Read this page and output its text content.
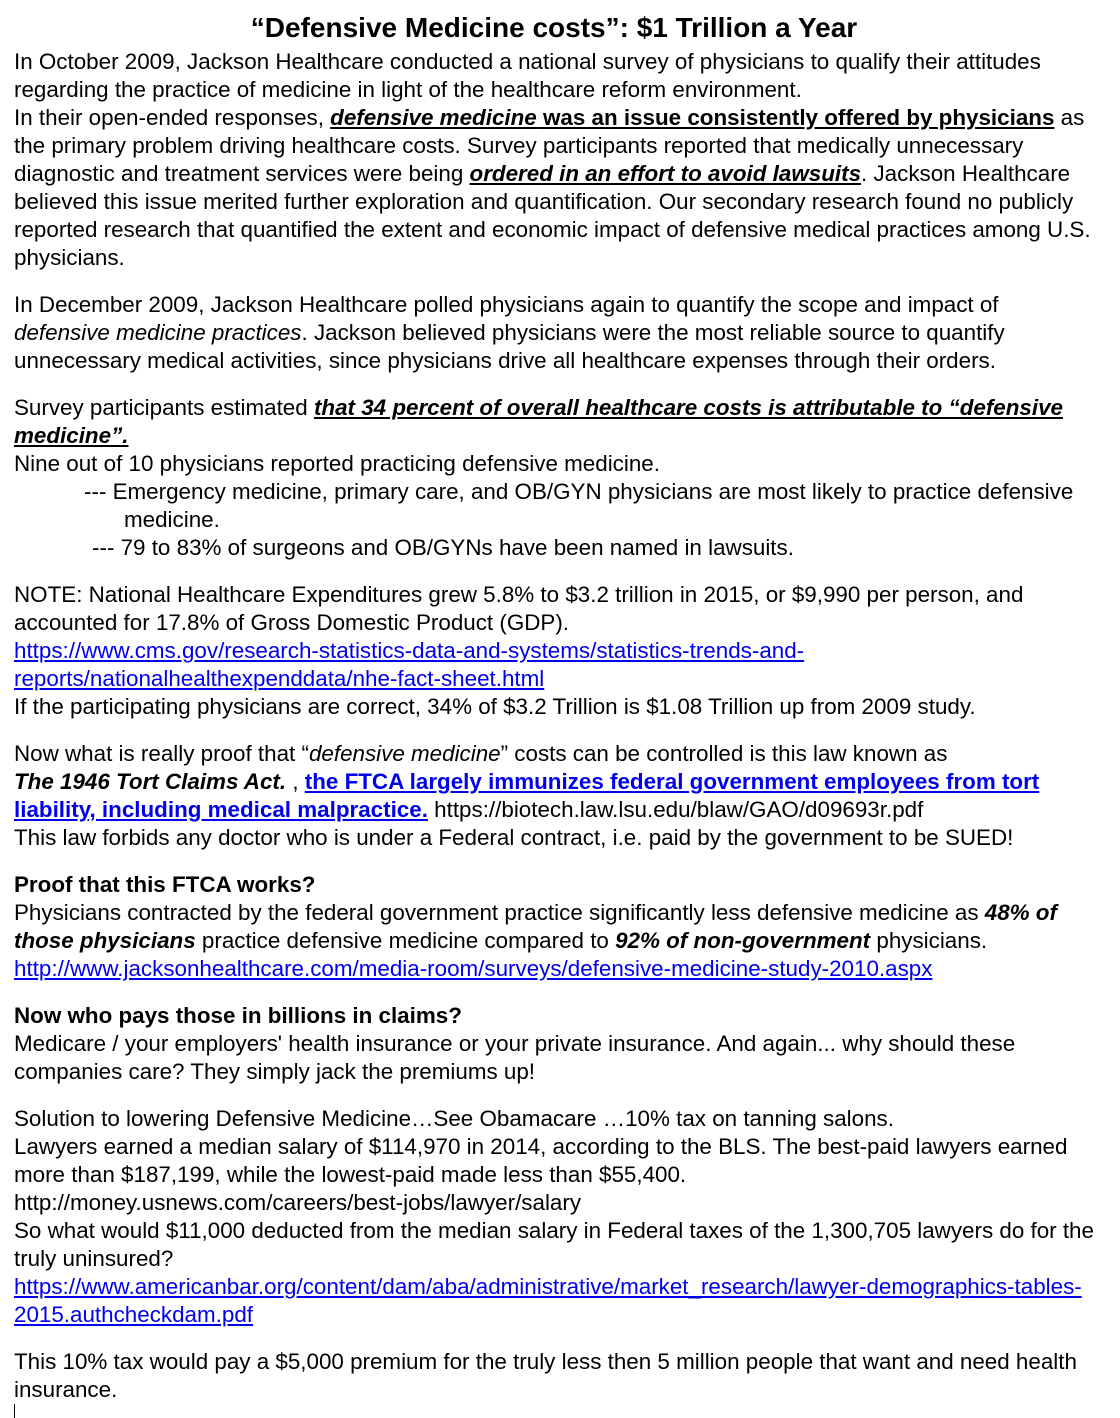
“Defensive Medicine costs”: $1 Trillion a Year

In October 2009, Jackson Healthcare conducted a national survey of physicians to qualify their attitudes regarding the practice of medicine in light of the healthcare reform environment.
In their open-ended responses, defensive medicine was an issue consistently offered by physicians as the primary problem driving healthcare costs. Survey participants reported that medically unnecessary diagnostic and treatment services were being ordered in an effort to avoid lawsuits. Jackson Healthcare believed this issue merited further exploration and quantification. Our secondary research found no publicly reported research that quantified the extent and economic impact of defensive medical practices among U.S. physicians.

In December 2009, Jackson Healthcare polled physicians again to quantify the scope and impact of defensive medicine practices. Jackson believed physicians were the most reliable source to quantify unnecessary medical activities, since physicians drive all healthcare expenses through their orders.

Survey participants estimated that 34 percent of overall healthcare costs is attributable to “defensive medicine”.
Nine out of 10 physicians reported practicing defensive medicine.

--- Emergency medicine, primary care, and OB/GYN physicians are most likely to practice defensive medicine.

--- 79 to 83% of surgeons and OB/GYNs have been named in lawsuits.

NOTE: National Healthcare Expenditures grew 5.8% to $3.2 trillion in 2015, or $9,990 per person, and accounted for 17.8% of Gross Domestic Product (GDP).
https://www.cms.gov/research-statistics-data-and-systems/statistics-trends-and-reports/nationalhealthexpenddata/nhe-fact-sheet.html
If the participating physicians are correct, 34% of $3.2 Trillion is $1.08 Trillion up from 2009 study.

Now what is really proof that “defensive medicine” costs can be controlled is this law known as
The 1946 Tort Claims Act. , the FTCA largely immunizes federal government employees from tort liability, including medical malpractice. https://biotech.law.lsu.edu/blaw/GAO/d09693r.pdf
This law forbids any doctor who is under a Federal contract, i.e. paid by the government to be SUED!

Proof that this FTCA works?
Physicians contracted by the federal government practice significantly less defensive medicine as 48% of those physicians practice defensive medicine compared to 92% of non-government physicians.
http://www.jacksonhealthcare.com/media-room/surveys/defensive-medicine-study-2010.aspx

Now who pays those in billions in claims?
Medicare / your employers' health insurance or your private insurance. And again... why should these companies care? They simply jack the premiums up!

Solution to lowering Defensive Medicine…See Obamacare …10% tax on tanning salons.
Lawyers earned a median salary of $114,970 in 2014, according to the BLS. The best-paid lawyers earned more than $187,199, while the lowest-paid made less than $55,400.
http://money.usnews.com/careers/best-jobs/lawyer/salary
So what would $11,000 deducted from the median salary in Federal taxes of the 1,300,705 lawyers do for the truly uninsured?
https://www.americanbar.org/content/dam/aba/administrative/market_research/lawyer-demographics-tables-2015.authcheckdam.pdf

This 10% tax would pay a $5,000 premium for the truly less then 5 million people that want and need health insurance.
